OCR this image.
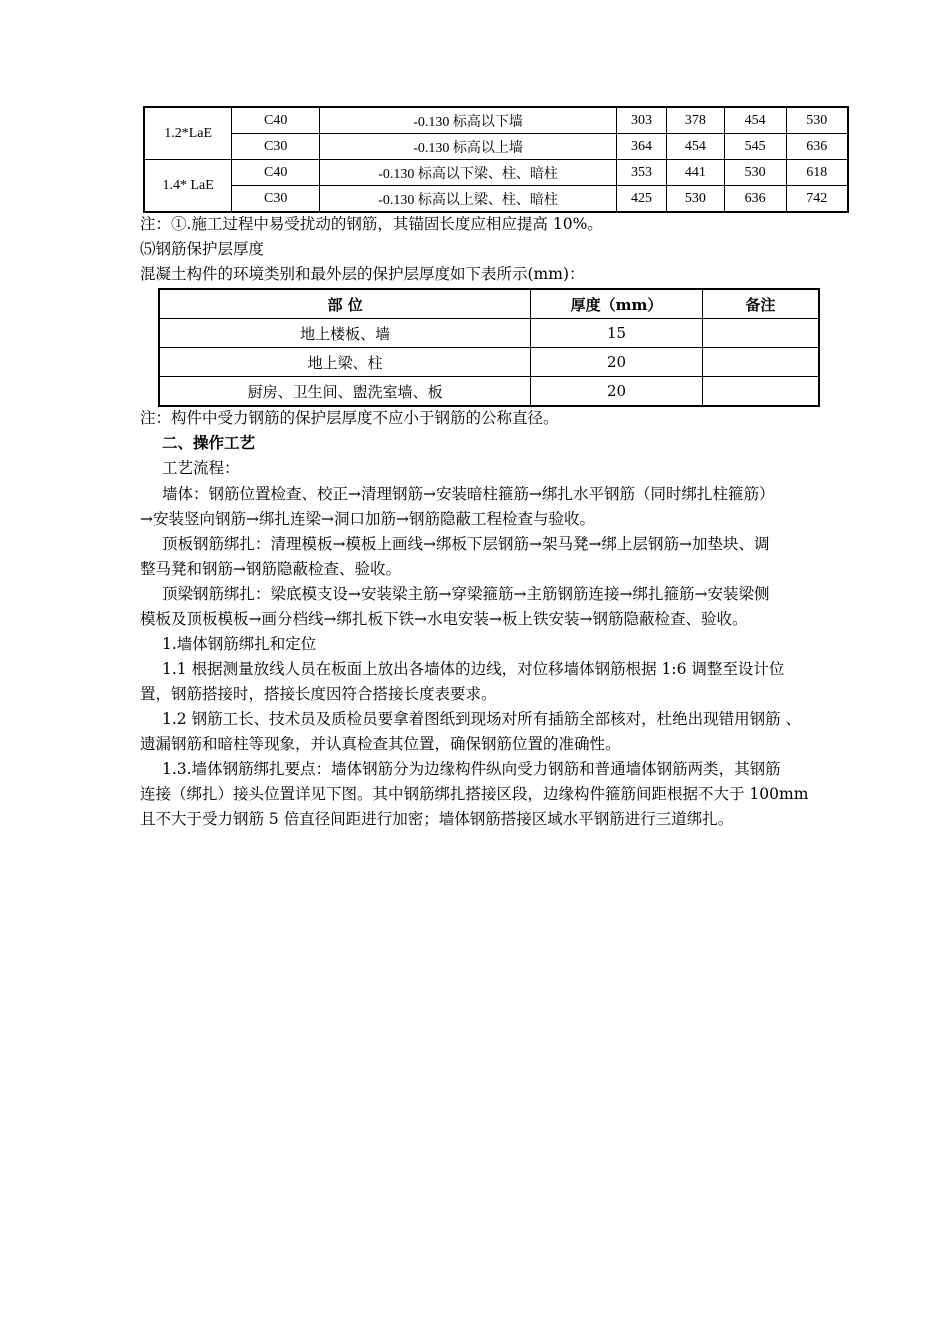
1.2*LaE	C40	-0.130 标高以下墙	303	378	454	530
	C30	-0.130 标高以上墙	364	454	545	636
1.4* LaE	C40	-0.130 标高以下梁、柱、暗柱	353	441	530	618
	C30	-0.130 标高以上梁、柱、暗柱	425	530	636	742
注：①.施工过程中易受扰动的钢筋，其锚固长度应相应提高 10%。
⑸钢筋保护层厚度
混凝土构件的环境类别和最外层的保护层厚度如下表所示(mm)：
部 位	厚度（mm）	备注
地上楼板、墙	15	
地上梁、柱	20	
厨房、卫生间、盥洗室墙、板	20	
注：构件中受力钢筋的保护层厚度不应小于钢筋的公称直径。
二、操作工艺
工艺流程：
墙体：钢筋位置检查、校正→清理钢筋→安装暗柱箍筋→绑扎水平钢筋（同时绑扎柱箍筋）
→安装竖向钢筋→绑扎连梁→洞口加筋→钢筋隐蔽工程检查与验收。
顶板钢筋绑扎：清理模板→模板上画线→绑板下层钢筋→架马凳→绑上层钢筋→加垫块、调
整马凳和钢筋→钢筋隐蔽检查、验收。
顶梁钢筋绑扎：梁底模支设→安装梁主筋→穿梁箍筋→主筋钢筋连接→绑扎箍筋→安装梁侧
模板及顶板模板→画分档线→绑扎板下铁→水电安装→板上铁安装→钢筋隐蔽检查、验收。
1.墙体钢筋绑扎和定位
1.1 根据测量放线人员在板面上放出各墙体的边线，对位移墙体钢筋根据 1:6 调整至设计位
置，钢筋搭接时，搭接长度因符合搭接长度表要求。
1.2 钢筋工长、技术员及质检员要拿着图纸到现场对所有插筋全部核对，杜绝出现错用钢筋 、
遗漏钢筋和暗柱等现象，并认真检查其位置，确保钢筋位置的准确性。
1.3.墙体钢筋绑扎要点：墙体钢筋分为边缘构件纵向受力钢筋和普通墙体钢筋两类，其钢筋
连接（绑扎）接头位置详见下图。其中钢筋绑扎搭接区段，边缘构件箍筋间距根据不大于 100mm
且不大于受力钢筋 5 倍直径间距进行加密；墙体钢筋搭接区域水平钢筋进行三道绑扎。
